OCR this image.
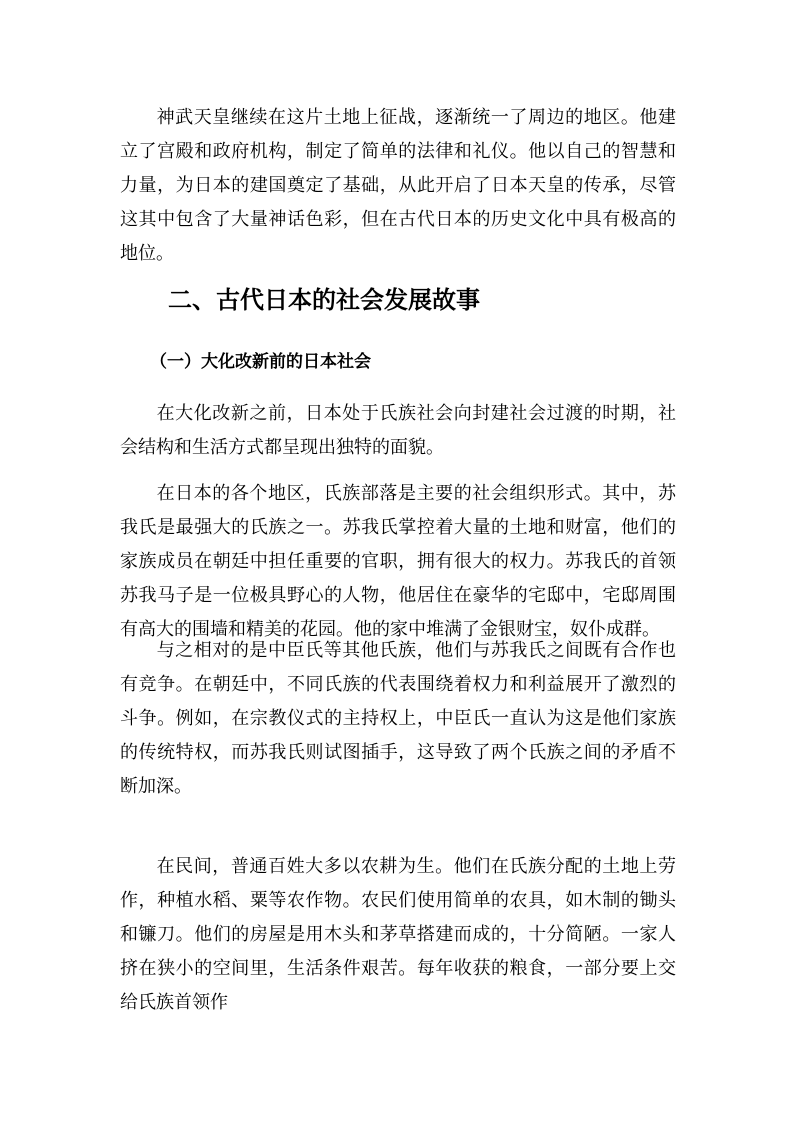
神武天皇继续在这片土地上征战，逐渐统一了周边的地区。他建立了宫殿和政府机构，制定了简单的法律和礼仪。他以自己的智慧和力量，为日本的建国奠定了基础，从此开启了日本天皇的传承，尽管这其中包含了大量神话色彩，但在古代日本的历史文化中具有极高的地位。

二、古代日本的社会发展故事
（一）大化改新前的日本社会

在大化改新之前，日本处于氏族社会向封建社会过渡的时期，社会结构和生活方式都呈现出独特的面貌。

在日本的各个地区，氏族部落是主要的社会组织形式。其中，苏我氏是最强大的氏族之一。苏我氏掌控着大量的土地和财富，他们的家族成员在朝廷中担任重要的官职，拥有很大的权力。苏我氏的首领苏我马子是一位极具野心的人物，他居住在豪华的宅邸中，宅邸周围有高大的围墙和精美的花园。他的家中堆满了金银财宝，奴仆成群。

与之相对的是中臣氏等其他氏族，他们与苏我氏之间既有合作也有竞争。在朝廷中，不同氏族的代表围绕着权力和利益展开了激烈的斗争。例如，在宗教仪式的主持权上，中臣氏一直认为这是他们家族的传统特权，而苏我氏则试图插手，这导致了两个氏族之间的矛盾不断加深。

在民间，普通百姓大多以农耕为生。他们在氏族分配的土地上劳作，种植水稻、粟等农作物。农民们使用简单的农具，如木制的锄头和镰刀。他们的房屋是用木头和茅草搭建而成的，十分简陋。一家人挤在狭小的空间里，生活条件艰苦。每年收获的粮食，一部分要上交给氏族首领作
